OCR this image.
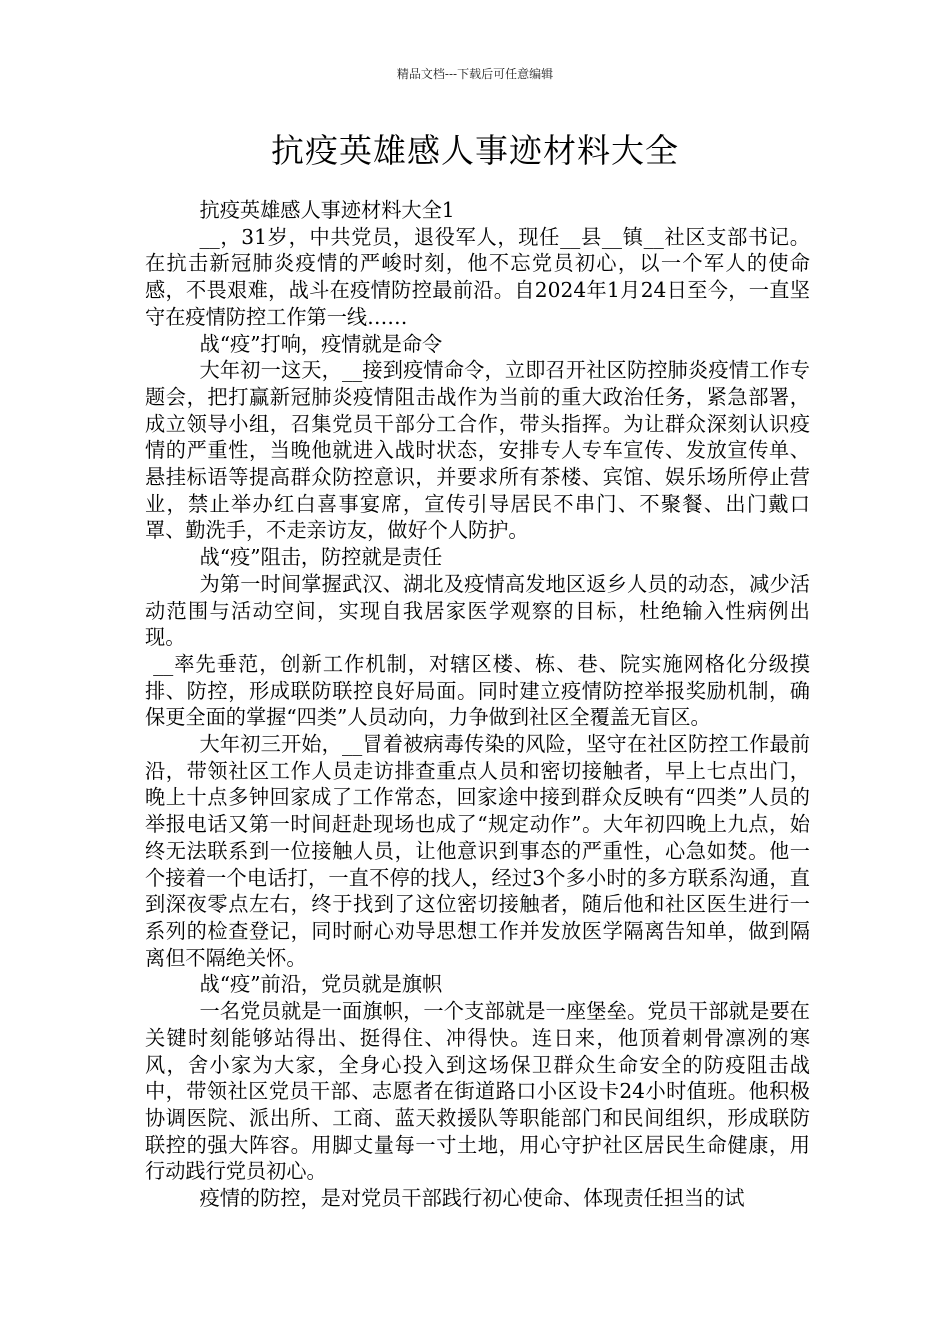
精品文档---下载后可任意编辑
抗疫英雄感人事迹材料大全

抗疫英雄感人事迹材料大全1

__，31岁，中共党员，退役军人，现任__县__镇__社区支部书记。在抗击新冠肺炎疫情的严峻时刻，他不忘党员初心，以一个军人的使命感，不畏艰难，战斗在疫情防控最前沿。自2024年1月24日至今，一直坚守在疫情防控工作第一线……

战“疫”打响，疫情就是命令

大年初一这天，__接到疫情命令，立即召开社区防控肺炎疫情工作专题会，把打赢新冠肺炎疫情阻击战作为当前的重大政治任务，紧急部署，成立领导小组，召集党员干部分工合作，带头指挥。为让群众深刻认识疫情的严重性，当晚他就进入战时状态，安排专人专车宣传、发放宣传单、悬挂标语等提高群众防控意识，并要求所有茶楼、宾馆、娱乐场所停止营业，禁止举办红白喜事宴席，宣传引导居民不串门、不聚餐、出门戴口罩、勤洗手，不走亲访友，做好个人防护。

战“疫”阻击，防控就是责任

为第一时间掌握武汉、湖北及疫情高发地区返乡人员的动态，减少活动范围与活动空间，实现自我居家医学观察的目标，杜绝输入性病例出现。

__率先垂范，创新工作机制，对辖区楼、栋、巷、院实施网格化分级摸排、防控，形成联防联控良好局面。同时建立疫情防控举报奖励机制，确保更全面的掌握“四类”人员动向，力争做到社区全覆盖无盲区。

大年初三开始，__冒着被病毒传染的风险，坚守在社区防控工作最前沿，带领社区工作人员走访排查重点人员和密切接触者，早上七点出门，晚上十点多钟回家成了工作常态，回家途中接到群众反映有“四类”人员的举报电话又第一时间赶赴现场也成了“规定动作”。大年初四晚上九点，始终无法联系到一位接触人员，让他意识到事态的严重性，心急如焚。他一个接着一个电话打，一直不停的找人，经过3个多小时的多方联系沟通，直到深夜零点左右，终于找到了这位密切接触者，随后他和社区医生进行一系列的检查登记，同时耐心劝导思想工作并发放医学隔离告知单，做到隔离但不隔绝关怀。

战“疫”前沿，党员就是旗帜

一名党员就是一面旗帜，一个支部就是一座堡垒。党员干部就是要在关键时刻能够站得出、挺得住、冲得快。连日来，他顶着刺骨凛冽的寒风，舍小家为大家，全身心投入到这场保卫群众生命安全的防疫阻击战中，带领社区党员干部、志愿者在街道路口小区设卡24小时值班。他积极协调医院、派出所、工商、蓝天救援队等职能部门和民间组织，形成联防联控的强大阵容。用脚丈量每一寸土地，用心守护社区居民生命健康，用行动践行党员初心。

疫情的防控，是对党员干部践行初心使命、体现责任担当的试
